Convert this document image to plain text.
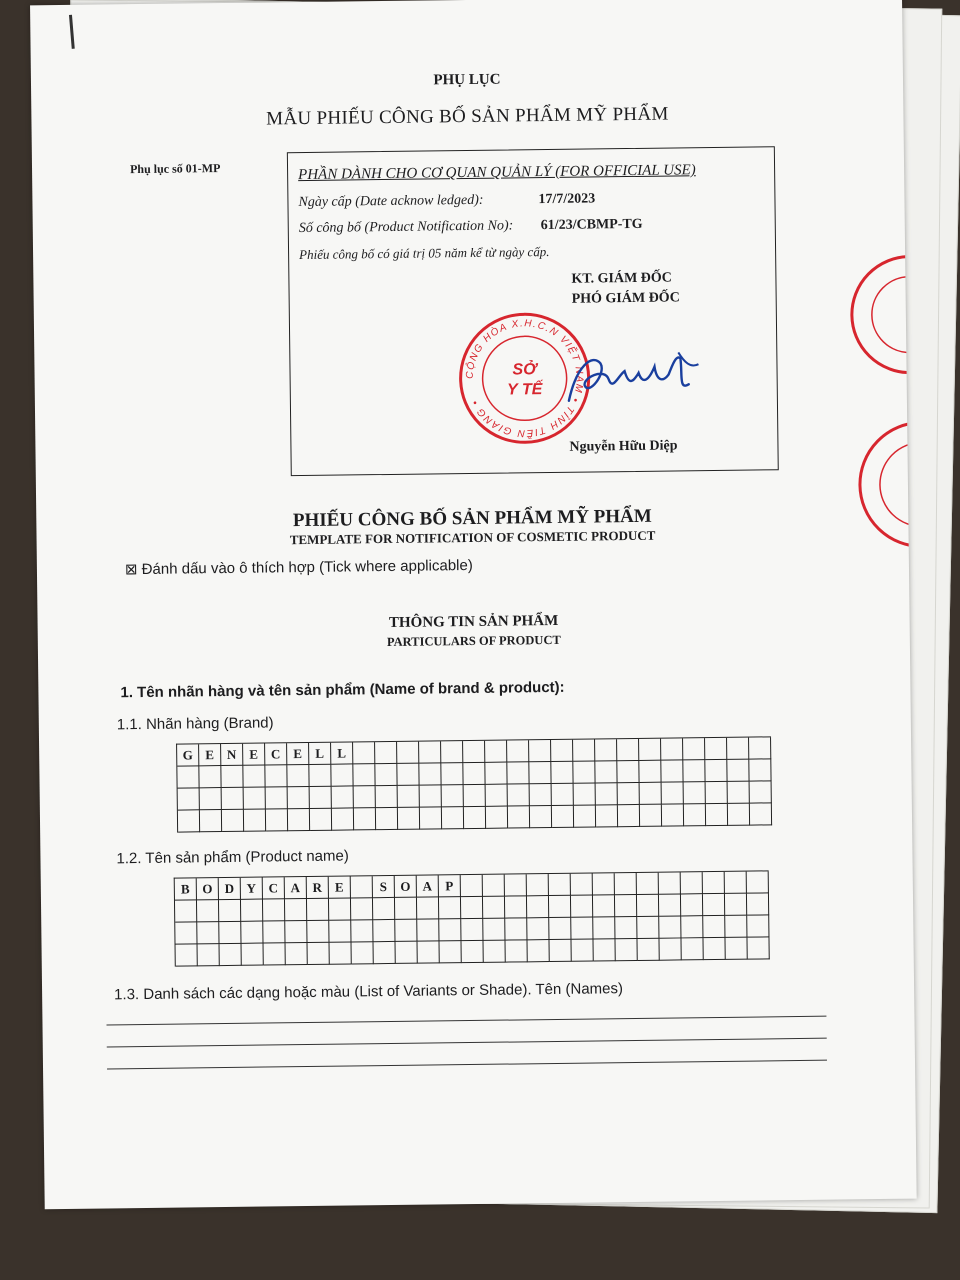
PHỤ LỤC
MẪU PHIẾU CÔNG BỐ SẢN PHẨM MỸ PHẨM
Phụ lục số 01-MP	PHẦN DÀNH CHO CƠ QUAN QUẢN LÝ (FOR OFFICIAL USE)
Ngày cấp (Date acknow ledged):	17/7/2023
Số công bố (Product Notification No): 61/23/CBMP-TG
Phiếu công bố có giá trị 05 năm kể từ ngày cấp.
KT. GIÁM ĐỐC
PHÓ GIÁM ĐỐC
CỘNG HÒA X.H.C.N VIỆT NAM • TỈNH TIỀN GIANG •
SỞ
Y TẾ
Nguyễn Hữu Diệp
PHIẾU CÔNG BỐ SẢN PHẨM MỸ PHẨM
TEMPLATE FOR NOTIFICATION OF COSMETIC PRODUCT
⊠ Đánh dấu vào ô thích hợp (Tick where applicable)
THÔNG TIN SẢN PHẨM
PARTICULARS OF PRODUCT
1. Tên nhãn hàng và tên sản phẩm (Name of brand & product):
1.1. Nhãn hàng (Brand)
G E N E C E	L	L
1.2. Tên sản phẩm (Product name)
B O D Y C A R E	S	O A	P
1.3. Danh sách các dạng hoặc màu (List of Variants or Shade). Tên (Names)
